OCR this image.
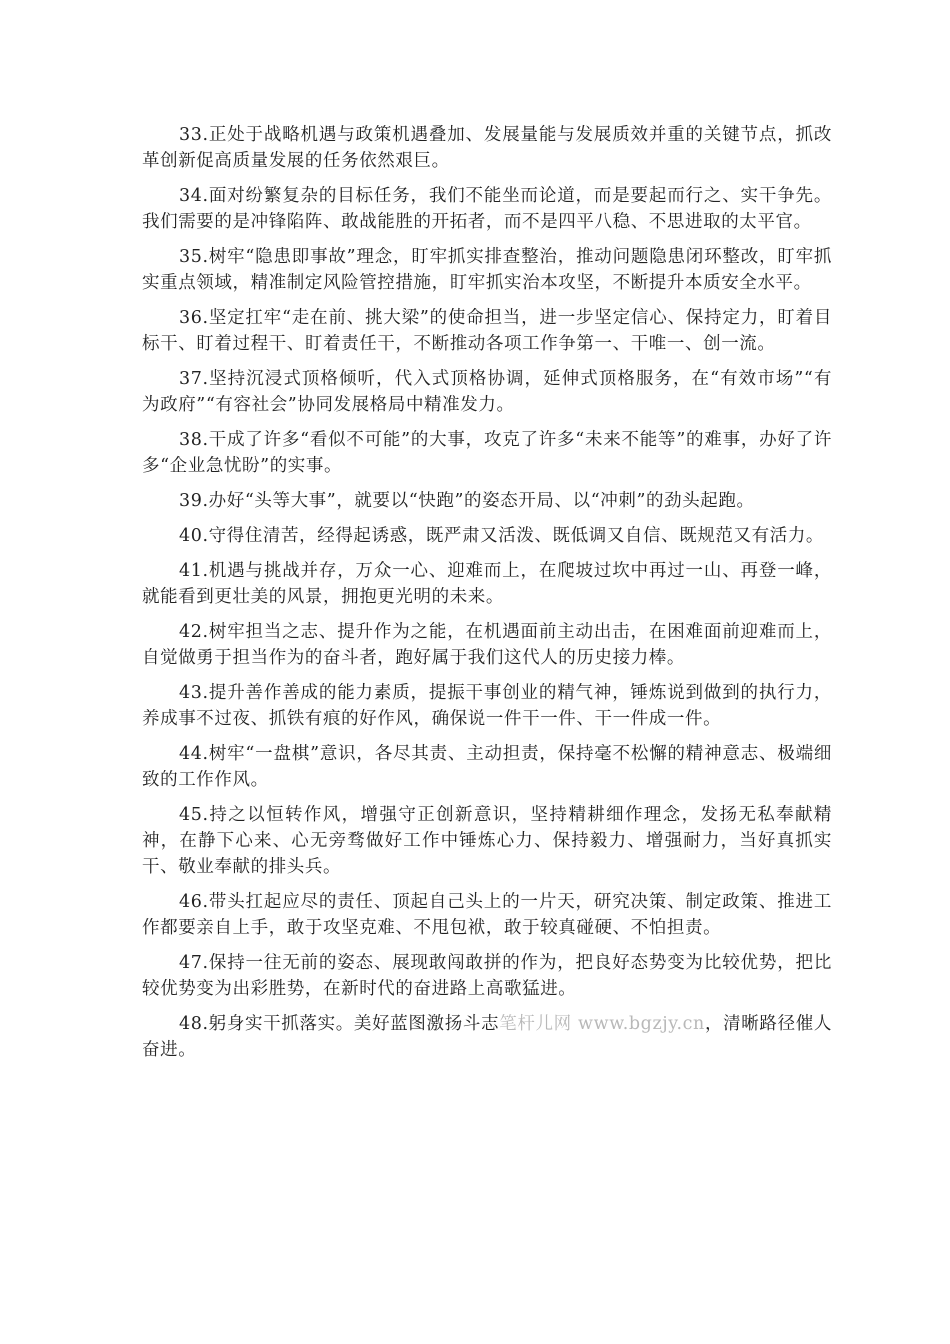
33.正处于战略机遇与政策机遇叠加、发展量能与发展质效并重的关键节点，抓改革创新促高质量发展的任务依然艰巨。

34.面对纷繁复杂的目标任务，我们不能坐而论道，而是要起而行之、实干争先。我们需要的是冲锋陷阵、敢战能胜的开拓者，而不是四平八稳、不思进取的太平官。

35.树牢“隐患即事故”理念，盯牢抓实排查整治，推动问题隐患闭环整改，盯牢抓实重点领域，精准制定风险管控措施，盯牢抓实治本攻坚，不断提升本质安全水平。

36.坚定扛牢“走在前、挑大梁”的使命担当，进一步坚定信心、保持定力，盯着目标干、盯着过程干、盯着责任干，不断推动各项工作争第一、干唯一、创一流。

37.坚持沉浸式顶格倾听，代入式顶格协调，延伸式顶格服务，在“有效市场”“有为政府”“有容社会”协同发展格局中精准发力。

38.干成了许多“看似不可能”的大事，攻克了许多“未来不能等”的难事，办好了许多“企业急忧盼”的实事。

39.办好“头等大事”，就要以“快跑”的姿态开局、以“冲刺”的劲头起跑。

40.守得住清苦，经得起诱惑，既严肃又活泼、既低调又自信、既规范又有活力。

41.机遇与挑战并存，万众一心、迎难而上，在爬坡过坎中再过一山、再登一峰，就能看到更壮美的风景，拥抱更光明的未来。

42.树牢担当之志、提升作为之能，在机遇面前主动出击，在困难面前迎难而上，自觉做勇于担当作为的奋斗者，跑好属于我们这代人的历史接力棒。

43.提升善作善成的能力素质，提振干事创业的精气神，锤炼说到做到的执行力，养成事不过夜、抓铁有痕的好作风，确保说一件干一件、干一件成一件。

44.树牢“一盘棋”意识，各尽其责、主动担责，保持毫不松懈的精神意志、极端细致的工作作风。

45.持之以恒转作风，增强守正创新意识，坚持精耕细作理念，发扬无私奉献精神，在静下心来、心无旁骛做好工作中锤炼心力、保持毅力、增强耐力，当好真抓实干、敬业奉献的排头兵。

46.带头扛起应尽的责任、顶起自己头上的一片天，研究决策、制定政策、推进工作都要亲自上手，敢于攻坚克难、不甩包袱，敢于较真碰硬、不怕担责。

47.保持一往无前的姿态、展现敢闯敢拼的作为，把良好态势变为比较优势，把比较优势变为出彩胜势，在新时代的奋进路上高歌猛进。

48.躬身实干抓落实。美好蓝图激扬斗志笔杆儿网 www.bgzjy.cn，清晰路径催人奋进。
